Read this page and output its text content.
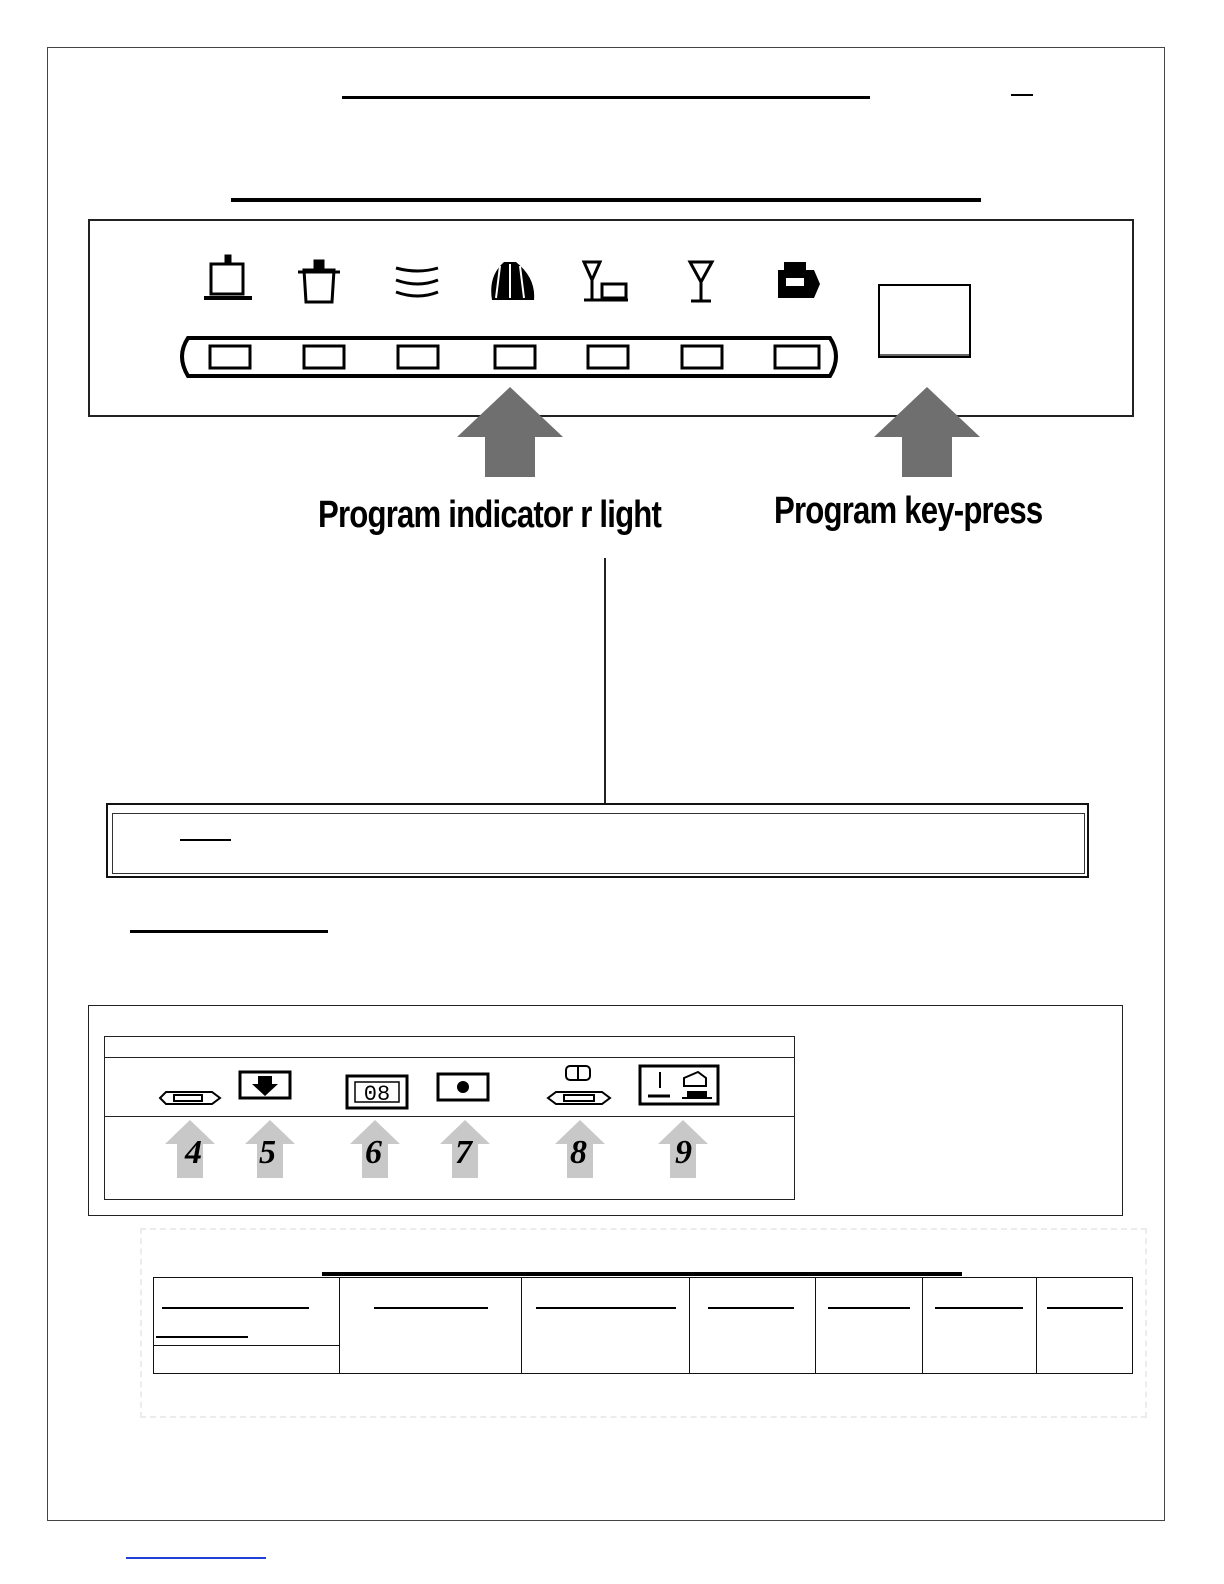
Program indicator r light	Program key-press
08
4 5	6 7	8	9
